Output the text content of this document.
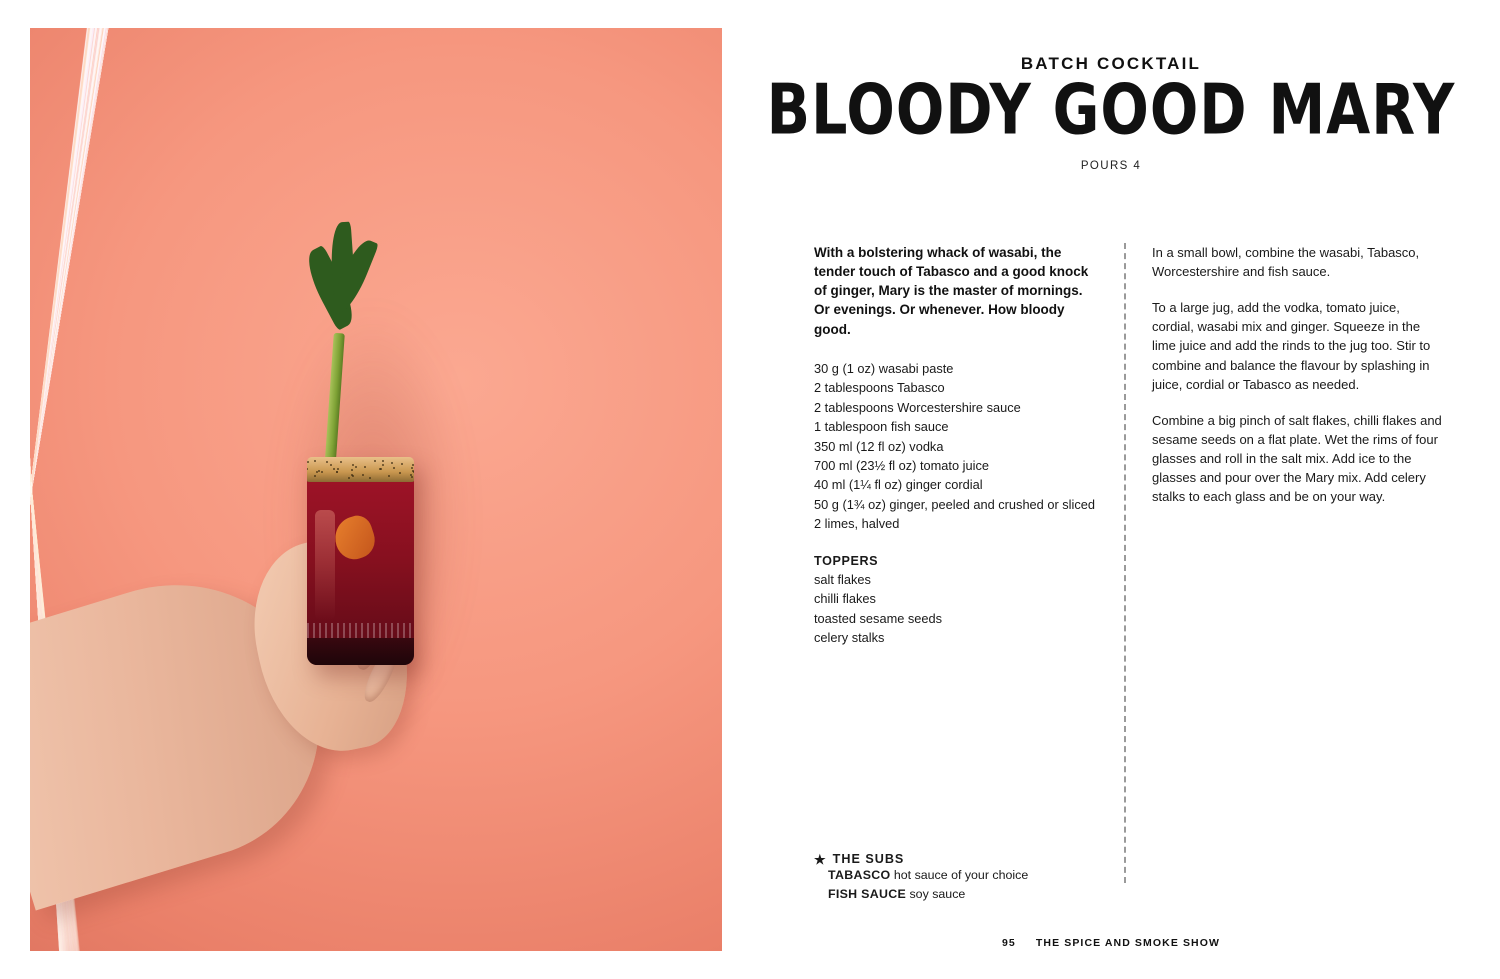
BATCH COCKTAIL
BLOODY GOOD MARY
POURS 4

With a bolstering whack of wasabi, the tender touch of Tabasco and a good knock of ginger, Mary is the master of mornings. Or evenings. Or whenever. How bloody good.

30 g (1 oz) wasabi paste
2 tablespoons Tabasco
2 tablespoons Worcestershire sauce
1 tablespoon fish sauce
350 ml (12 fl oz) vodka
700 ml (23½ fl oz) tomato juice
40 ml (1¼ fl oz) ginger cordial
50 g (1¾ oz) ginger, peeled and crushed or sliced
2 limes, halved
TOPPERS
salt flakes
chilli flakes
toasted sesame seeds
celery stalks

In a small bowl, combine the wasabi, Tabasco, Worcestershire and fish sauce.

To a large jug, add the vodka, tomato juice, cordial, wasabi mix and ginger. Squeeze in the lime juice and add the rinds to the jug too. Stir to combine and balance the flavour by splashing in juice, cordial or Tabasco as needed.

Combine a big pinch of salt flakes, chilli flakes and sesame seeds on a flat plate. Wet the rims of four glasses and roll in the salt mix. Add ice to the glasses and pour over the Mary mix. Add celery stalks to each glass and be on your way.

★ THE SUBS
TABASCO hot sauce of your choice
FISH SAUCE soy sauce
95 THE SPICE AND SMOKE SHOW
